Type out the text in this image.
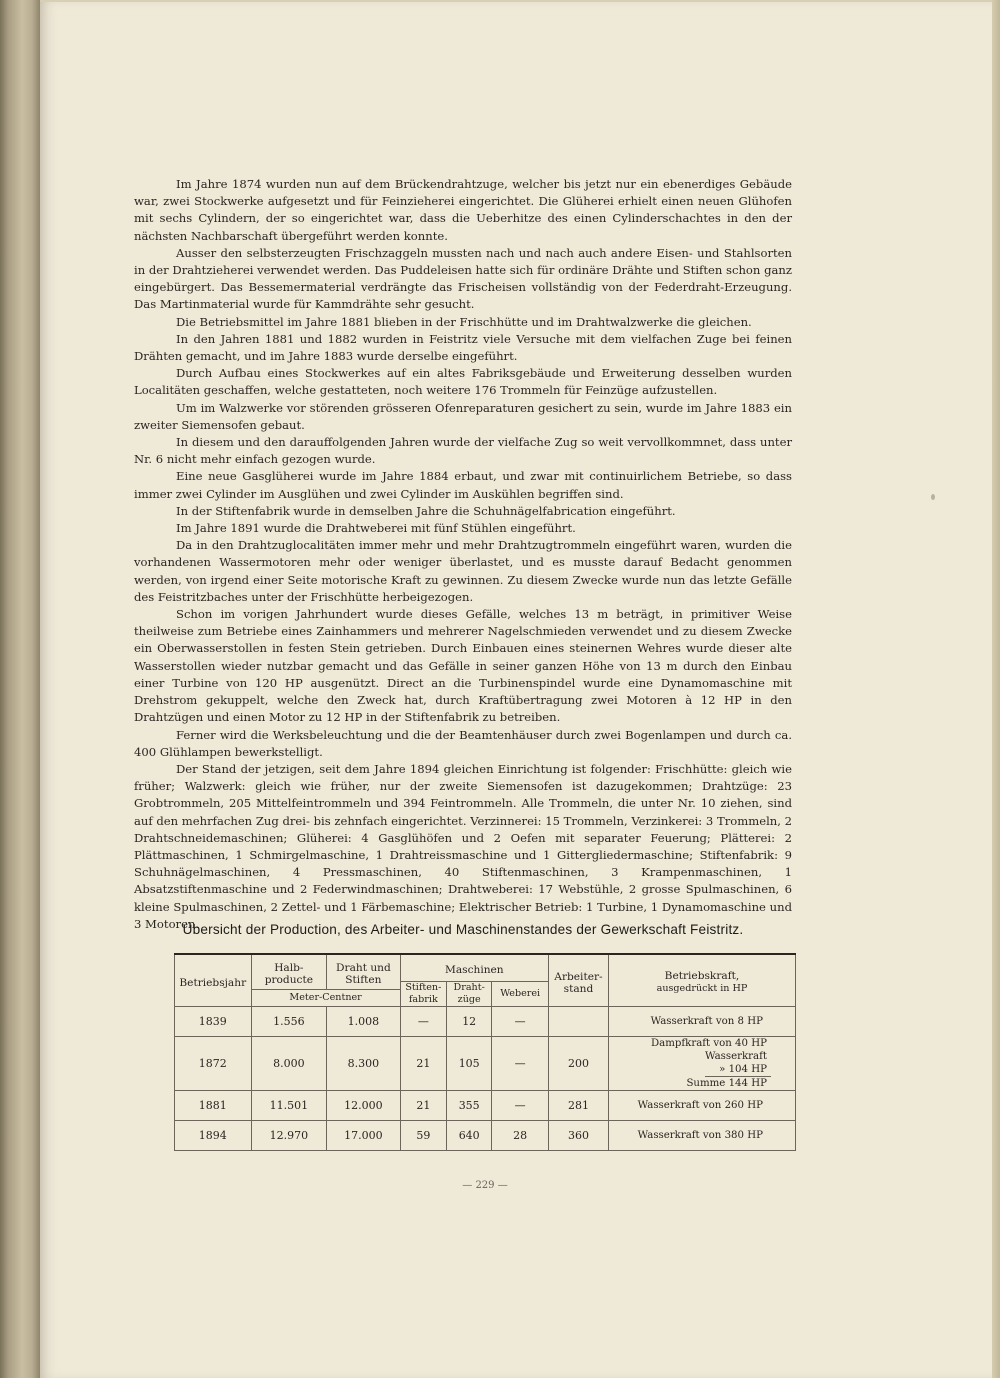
Im Jahre 1874 wurden nun auf dem Brückendrahtzuge, welcher bis jetzt nur ein ebenerdiges Gebäude war, zwei Stockwerke aufgesetzt und für Feinzieherei eingerichtet. Die Glüherei erhielt einen neuen Glühofen mit sechs Cylindern, der so eingerichtet war, dass die Ueberhitze des einen Cylinderschachtes in den der nächsten Nachbarschaft übergeführt werden konnte.

Ausser den selbsterzeugten Frischzaggeln mussten nach und nach auch andere Eisen- und Stahlsorten in der Drahtzieherei verwendet werden. Das Puddeleisen hatte sich für ordinäre Drähte und Stiften schon ganz eingebürgert. Das Bessemermaterial verdrängte das Frischeisen vollständig von der Federdraht-Erzeugung. Das Martinmaterial wurde für Kammdrähte sehr gesucht.

Die Betriebsmittel im Jahre 1881 blieben in der Frischhütte und im Drahtwalzwerke die gleichen.

In den Jahren 1881 und 1882 wurden in Feistritz viele Versuche mit dem vielfachen Zuge bei feinen Drähten gemacht, und im Jahre 1883 wurde derselbe eingeführt.

Durch Aufbau eines Stockwerkes auf ein altes Fabriksgebäude und Erweiterung desselben wurden Localitäten geschaffen, welche gestatteten, noch weitere 176 Trommeln für Feinzüge aufzustellen.

Um im Walzwerke vor störenden grösseren Ofenreparaturen gesichert zu sein, wurde im Jahre 1883 ein zweiter Siemensofen gebaut.

In diesem und den darauffolgenden Jahren wurde der vielfache Zug so weit vervollkommnet, dass unter Nr. 6 nicht mehr einfach gezogen wurde.

Eine neue Gasglüherei wurde im Jahre 1884 erbaut, und zwar mit continuirlichem Betriebe, so dass immer zwei Cylinder im Ausglühen und zwei Cylinder im Auskühlen begriffen sind.

In der Stiftenfabrik wurde in demselben Jahre die Schuhnägelfabrication eingeführt.

Im Jahre 1891 wurde die Drahtweberei mit fünf Stühlen eingeführt.

Da in den Drahtzuglocalitäten immer mehr und mehr Drahtzugtrommeln eingeführt waren, wurden die vorhandenen Wassermotoren mehr oder weniger überlastet, und es musste darauf Bedacht genommen werden, von irgend einer Seite motorische Kraft zu gewinnen. Zu diesem Zwecke wurde nun das letzte Gefälle des Feistritzbaches unter der Frischhütte herbeigezogen.

Schon im vorigen Jahrhundert wurde dieses Gefälle, welches 13 m beträgt, in primitiver Weise theilweise zum Betriebe eines Zainhammers und mehrerer Nagelschmieden verwendet und zu diesem Zwecke ein Oberwasserstollen in festen Stein getrieben. Durch Einbauen eines steinernen Wehres wurde dieser alte Wasserstollen wieder nutzbar gemacht und das Gefälle in seiner ganzen Höhe von 13 m durch den Einbau einer Turbine von 120 HP ausgenützt. Direct an die Turbinenspindel wurde eine Dynamomaschine mit Drehstrom gekuppelt, welche den Zweck hat, durch Kraftübertragung zwei Motoren à 12 HP in den Drahtzügen und einen Motor zu 12 HP in der Stiftenfabrik zu betreiben.

Ferner wird die Werksbeleuchtung und die der Beamtenhäuser durch zwei Bogenlampen und durch ca. 400 Glühlampen bewerkstelligt.

Der Stand der jetzigen, seit dem Jahre 1894 gleichen Einrichtung ist folgender: Frischhütte: gleich wie früher; Walzwerk: gleich wie früher, nur der zweite Siemensofen ist dazugekommen; Drahtzüge: 23 Grobtrommeln, 205 Mittelfeintrommeln und 394 Feintrommeln. Alle Trommeln, die unter Nr. 10 ziehen, sind auf den mehrfachen Zug drei- bis zehnfach eingerichtet. Verzinnerei: 15 Trommeln, Verzinkerei: 3 Trommeln, 2 Drahtschneidemaschinen; Glüherei: 4 Gasglühöfen und 2 Oefen mit separater Feuerung; Plätterei: 2 Plättmaschinen, 1 Schmirgelmaschine, 1 Drahtreissmaschine und 1 Gittergliedermaschine; Stiftenfabrik: 9 Schuhnägelmaschinen, 4 Pressmaschinen, 40 Stiftenmaschinen, 3 Krampenmaschinen, 1 Absatzstiftenmaschine und 2 Federwindmaschinen; Drahtweberei: 17 Webstühle, 2 grosse Spulmaschinen, 6 kleine Spulmaschinen, 2 Zettel- und 1 Färbemaschine; Elektrischer Betrieb: 1 Turbine, 1 Dynamomaschine und 3 Motoren.

Übersicht der Production, des Arbeiter- und Maschinenstandes der Gewerkschaft Feistritz.
Betriebsjahr	Halb-producte	Draht und Stiften	Maschinen			Arbeiter-stand	Betriebskraft,
ausgedrückt in HP
			Stiften-fabrik	Draht-züge	Weberei		
	Meter-Centner						
1839	1.556	1.008	—	12	—		Wasserkraft von 8 HP
1872	8.000	8.300	21	105	—	200	Dampfkraft von 40 HP
Wasserkraft » 104 HP
Summe 144 HP

1881	11.501	12.000	21	355	—	281	Wasserkraft von 260 HP
1894	12.970	17.000	59	640	28	360	Wasserkraft von 380 HP
— 229 —
